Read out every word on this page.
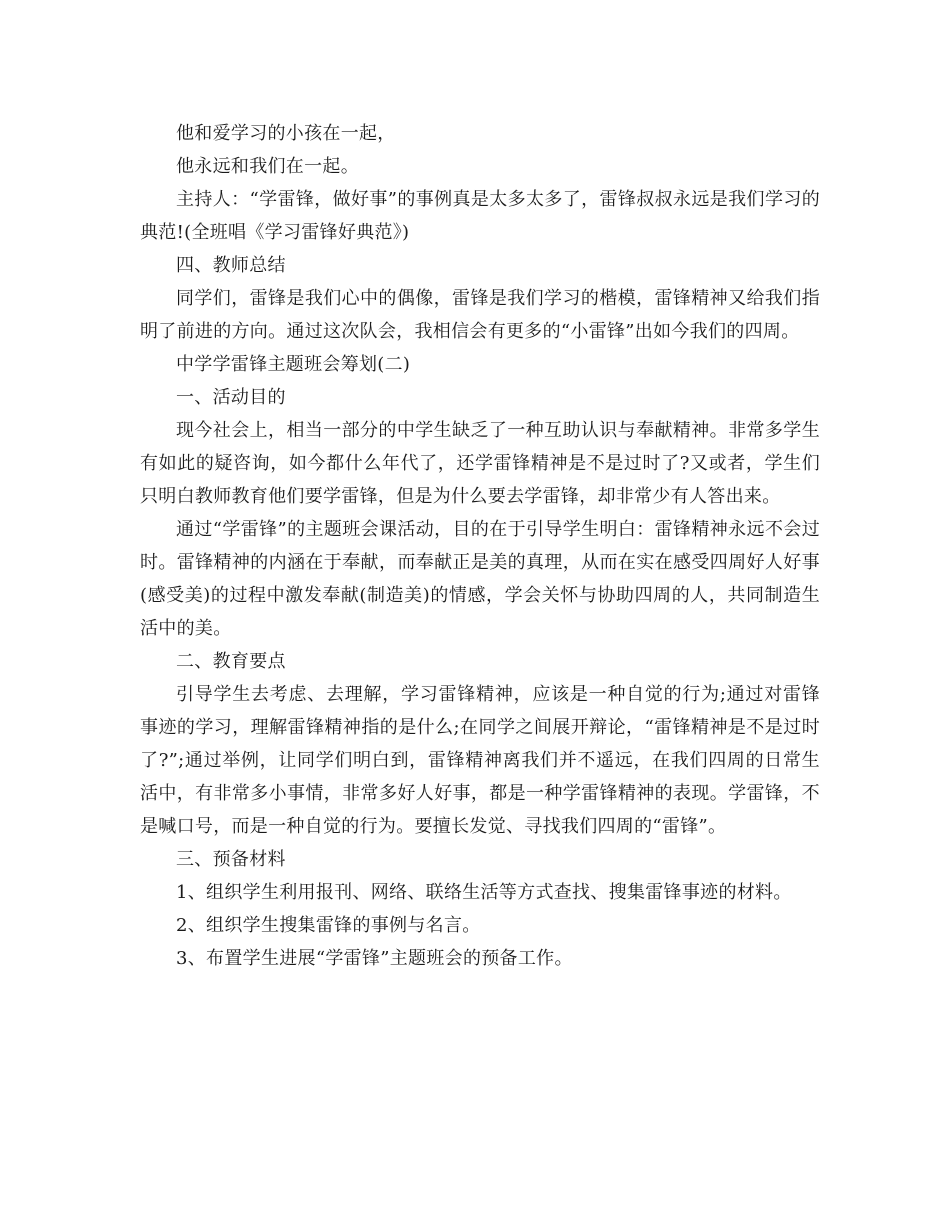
他和爱学习的小孩在一起，

他永远和我们在一起。

主持人：“学雷锋，做好事”的事例真是太多太多了，雷锋叔叔永远是我们学习的典范!(全班唱《学习雷锋好典范》)

四、教师总结

同学们，雷锋是我们心中的偶像，雷锋是我们学习的楷模，雷锋精神又给我们指明了前进的方向。通过这次队会，我相信会有更多的“小雷锋”出如今我们的四周。

中学学雷锋主题班会筹划(二)

一、活动目的

现今社会上，相当一部分的中学生缺乏了一种互助认识与奉献精神。非常多学生有如此的疑咨询，如今都什么年代了，还学雷锋精神是不是过时了?又或者，学生们只明白教师教育他们要学雷锋，但是为什么要去学雷锋，却非常少有人答出来。

通过“学雷锋”的主题班会课活动，目的在于引导学生明白：雷锋精神永远不会过时。雷锋精神的内涵在于奉献，而奉献正是美的真理，从而在实在感受四周好人好事(感受美)的过程中激发奉献(制造美)的情感，学会关怀与协助四周的人，共同制造生活中的美。

二、教育要点

引导学生去考虑、去理解，学习雷锋精神，应该是一种自觉的行为;通过对雷锋事迹的学习，理解雷锋精神指的是什么;在同学之间展开辩论，“雷锋精神是不是过时了?”;通过举例，让同学们明白到，雷锋精神离我们并不遥远，在我们四周的日常生活中，有非常多小事情，非常多好人好事，都是一种学雷锋精神的表现。学雷锋，不是喊口号，而是一种自觉的行为。要擅长发觉、寻找我们四周的“雷锋”。

三、预备材料

1、组织学生利用报刊、网络、联络生活等方式查找、搜集雷锋事迹的材料。

2、组织学生搜集雷锋的事例与名言。

3、布置学生进展“学雷锋”主题班会的预备工作。
